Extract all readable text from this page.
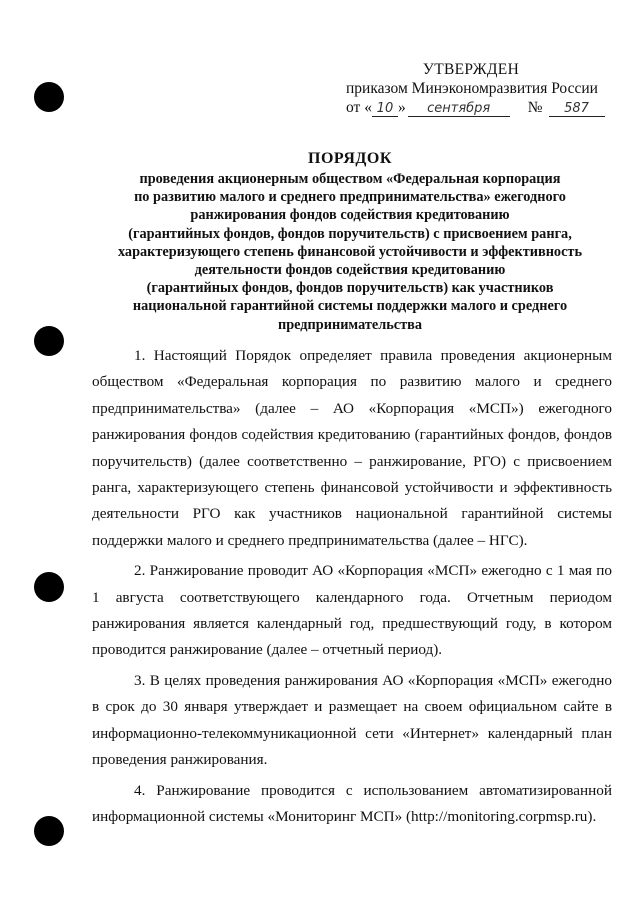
УТВЕРЖДЕН
приказом Минэкономразвития России
от « 10 » сентября № 587
ПОРЯДОК
проведения акционерным обществом «Федеральная корпорация
по развитию малого и среднего предпринимательства» ежегодного
ранжирования фондов содействия кредитованию
(гарантийных фондов, фондов поручительств) с присвоением ранга,
характеризующего степень финансовой устойчивости и эффективность
деятельности фондов содействия кредитованию
(гарантийных фондов, фондов поручительств) как участников
национальной гарантийной системы поддержки малого и среднего
предпринимательства

1. Настоящий Порядок определяет правила проведения акционерным обществом «Федеральная корпорация по развитию малого и среднего предпринимательства» (далее – АО «Корпорация «МСП») ежегодного ранжирования фондов содействия кредитованию (гарантийных фондов, фондов поручительств) (далее соответственно – ранжирование, РГО) с присвоением ранга, характеризующего степень финансовой устойчивости и эффективность деятельности РГО как участников национальной гарантийной системы поддержки малого и среднего предпринимательства (далее – НГС).

2. Ранжирование проводит АО «Корпорация «МСП» ежегодно с 1 мая по 1 августа соответствующего календарного года. Отчетным периодом ранжирования является календарный год, предшествующий году, в котором проводится ранжирование (далее – отчетный период).

3. В целях проведения ранжирования АО «Корпорация «МСП» ежегодно в срок до 30 января утверждает и размещает на своем официальном сайте в информационно-телекоммуникационной сети «Интернет» календарный план проведения ранжирования.

4. Ранжирование проводится с использованием автоматизированной информационной системы «Мониторинг МСП» (http://monitoring.corpmsp.ru).
